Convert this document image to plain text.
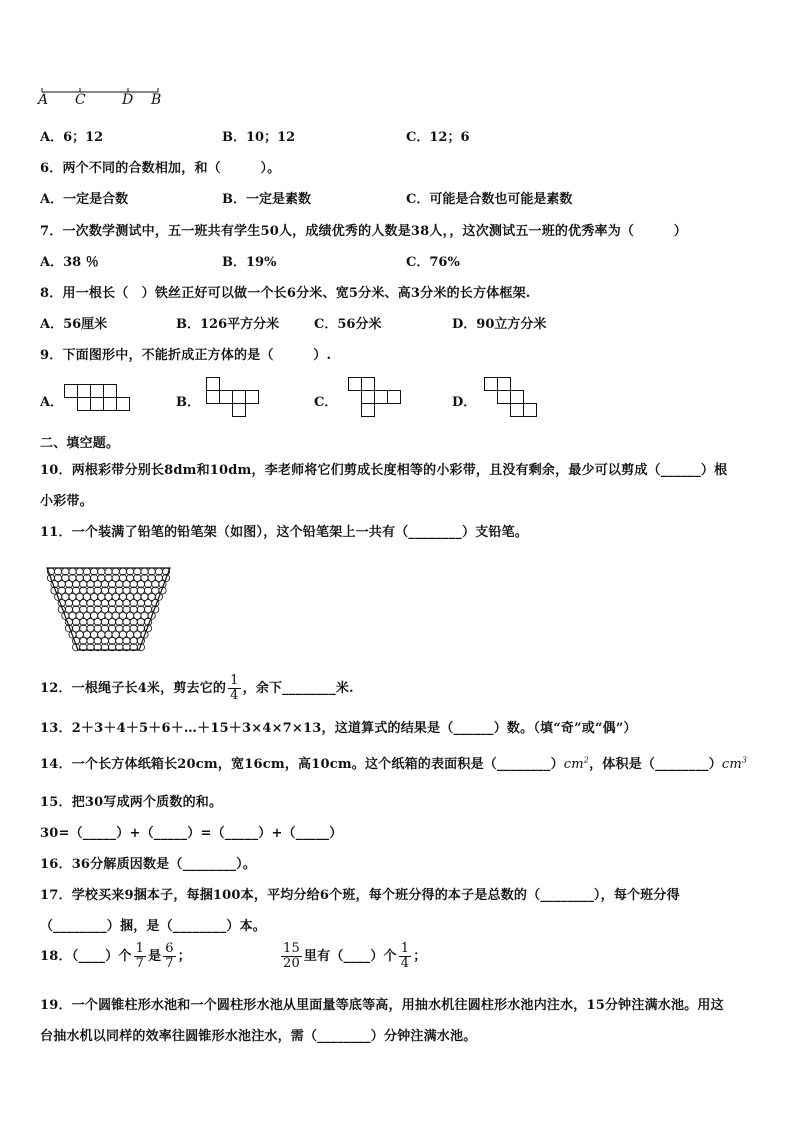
A C	D B
A．6；12	B．10；12	C．12；6
6．两个不同的合数相加，和（　　　）。
A．一定是合数	B．一定是素数	C．可能是合数也可能是素数
7．一次数学测试中，五一班共有学生50人，成绩优秀的人数是38人，，这次测试五一班的优秀率为（　　　）
A．38 ％	B．19%	C．76%
8．用一根长（　）铁丝正好可以做一个长6分米、宽5分米、高3分米的长方体框架.
A．56厘米	B．126平方分米	C．56分米	D．90立方分米
9．下面图形中，不能折成正方体的是（　　　）.
A．	B．	C．	D．
二、填空题。
10．两根彩带分别长8dm和10dm，李老师将它们剪成长度相等的小彩带，且没有剩余，最少可以剪成（______）根
小彩带。
11．一个装满了铅笔的铅笔架（如图），这个铅笔架上一共有（________）支铅笔。
12．一根绳子长4米，剪去它的 $\frac{1}{4}$ ，余下________米.
13．2＋3＋4＋5＋6＋…＋15＋3×4×7×13，这道算式的结果是（______）数。（填“奇”或“偶”）
14．一个长方体纸箱长20cm，宽16cm，高10cm。这个纸箱的表面积是$(\_\_\_\_\_\_\_\_)cm^2$，体积是$(\_\_\_\_\_\_\_\_)cm^3$
15．把30写成两个质数的和。
30=（_____）+（_____）=（_____）+（_____）
16．36分解质因数是（________）。
17．学校买来9捆本子，每捆100本，平均分给6个班，每个班分得的本子是总数的（________），每个班分得
（________）捆，是（________）本。
18．（____）个 $\frac{1}{7}$ 是 $\frac{6}{7}$ ；	$\frac{15}{20}$ 里有（____）个 $\frac{1}{4}$ ；
19．一个圆锥柱形水池和一个圆柱形水池从里面量等底等高，用抽水机往圆柱形水池内注水，15分钟注满水池。用这
台抽水机以同样的效率往圆锥形水池注水，需（________）分钟注满水池。
